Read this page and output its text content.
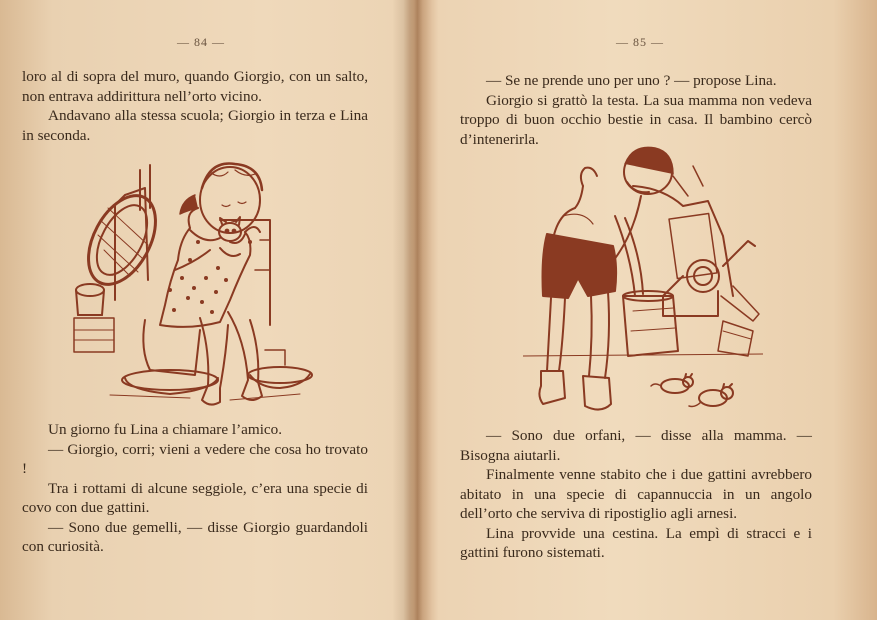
— 84 —

loro al di sopra del muro, quando Giorgio, con un salto, non entrava addirittura nell’orto vicino.

Andavano alla stessa scuola; Giorgio in terza e Lina in seconda.

Un giorno fu Lina a chiamare l’amico.

— Giorgio, corri; vieni a vedere che cosa ho trovato !

Tra i rottami di alcune seggiole, c’era una specie di covo con due gattini.

— Sono due gemelli, — disse Giorgio guardandoli con curiosità.

— 85 —

— Se ne prende uno per uno ? — propose Lina.

Giorgio si grattò la testa. La sua mamma non vedeva troppo di buon occhio bestie in casa. Il bambino cercò d’intenerirla.

— Sono due orfani, — disse alla mamma. — Bisogna aiutarli.

Finalmente venne stabito che i due gattini avrebbero abitato in una specie di capannuccia in un angolo dell’orto che serviva di ripostiglio agli arnesi.

Lina provvide una cestina. La empì di stracci e i gattini furono sistemati.
